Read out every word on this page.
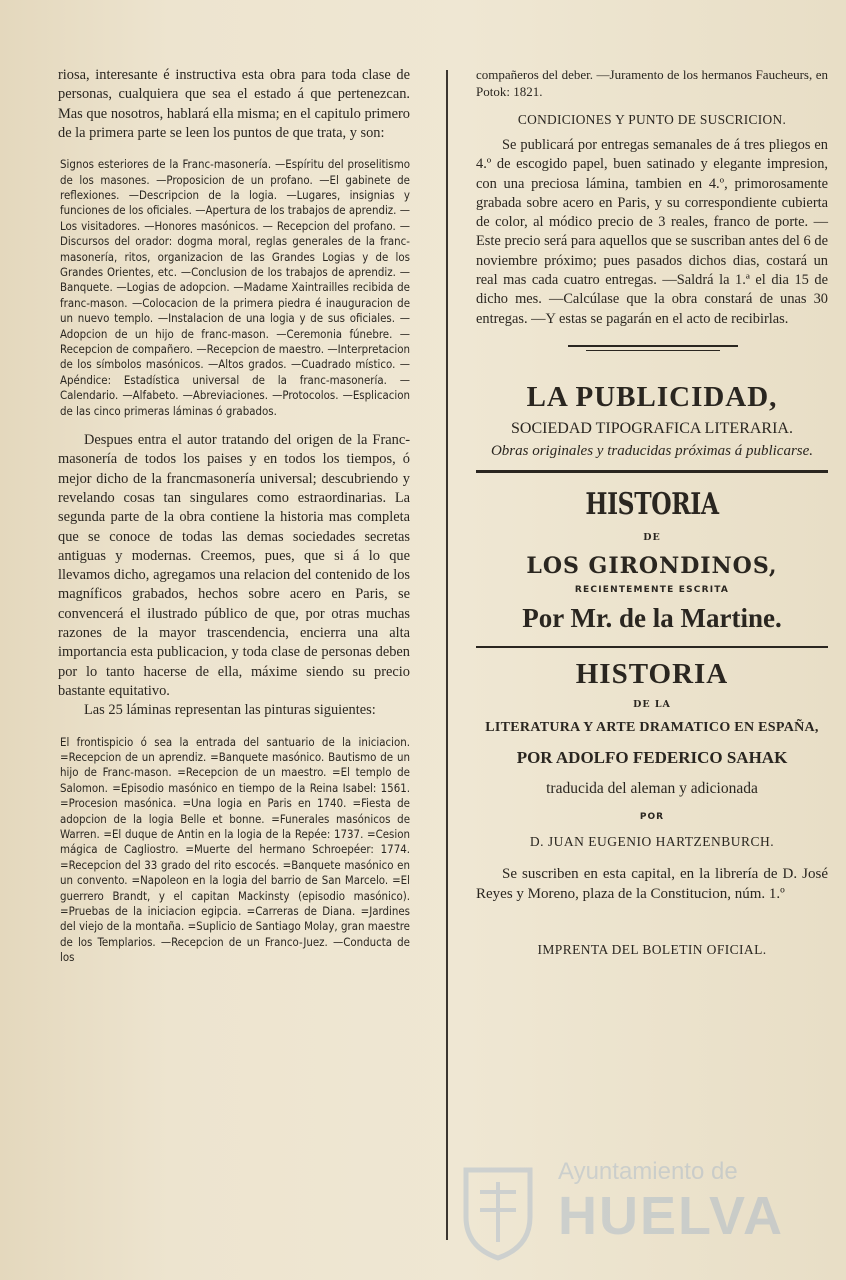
riosa, interesante é instructiva esta obra para toda clase de personas, cualquiera que sea el estado á que pertenezcan. Mas que nosotros, hablará ella misma; en el capitulo primero de la primera parte se leen los puntos de que trata, y son:

Signos esteriores de la Franc-masonería. —Espíritu del proselitismo de los masones. —Proposicion de un profano. —El gabinete de reflexiones. —Descripcion de la logia. —Lugares, insignias y funciones de los oficiales. —Apertura de los trabajos de aprendiz. —Los visitadores. —Honores masónicos. — Recepcion del profano. —Discursos del orador: dogma moral, reglas generales de la franc-masonería, ritos, organizacion de las Grandes Logias y de los Grandes Orientes, etc. —Conclusion de los trabajos de aprendiz. —Banquete. —Logias de adopcion. —Madame Xaintrailles recibida de franc-mason. —Colocacion de la primera piedra é inauguracion de un nuevo templo. —Instalacion de una logia y de sus oficiales. —Adopcion de un hijo de franc-mason. —Ceremonia fúnebre. —Recepcion de compañero. —Recepcion de maestro. —Interpretacion de los símbolos masónicos. —Altos grados. —Cuadrado místico. —Apéndice: Estadística universal de la franc-masonería. —Calendario. —Alfabeto. —Abreviaciones. —Protocolos. —Esplicacion de las cinco primeras láminas ó grabados.

Despues entra el autor tratando del origen de la Franc-masonería de todos los paises y en todos los tiempos, ó mejor dicho de la francmasonería universal; descubriendo y revelando cosas tan singulares como estraordinarias. La segunda parte de la obra contiene la historia mas completa que se conoce de todas las demas sociedades secretas antiguas y modernas. Creemos, pues, que si á lo que llevamos dicho, agregamos una relacion del contenido de los magníficos grabados, hechos sobre acero en Paris, se convencerá el ilustrado público de que, por otras muchas razones de la mayor trascendencia, encierra una alta importancia esta publicacion, y toda clase de personas deben por lo tanto hacerse de ella, máxime siendo su precio bastante equitativo.

Las 25 láminas representan las pinturas siguientes:

El frontispicio ó sea la entrada del santuario de la iniciacion. =Recepcion de un aprendiz. =Banquete masónico. Bautismo de un hijo de Franc-mason. =Recepcion de un maestro. =El templo de Salomon. =Episodio masónico en tiempo de la Reina Isabel: 1561. =Procesion masónica. =Una logia en Paris en 1740. =Fiesta de adopcion de la logia Belle et bonne. =Funerales masónicos de Warren. =El duque de Antin en la logia de la Repée: 1737. =Cesion mágica de Cagliostro. =Muerte del hermano Schroepéer: 1774. =Recepcion del 33 grado del rito escocés. =Banquete masónico en un convento. =Napoleon en la logia del barrio de San Marcelo. =El guerrero Brandt, y el capitan Mackinsty (episodio masónico). =Pruebas de la iniciacion egipcia. =Carreras de Diana. =Jardines del viejo de la montaña. =Suplicio de Santiago Molay, gran maestre de los Templarios. —Recepcion de un Franco-Juez. —Conducta de los

compañeros del deber. —Juramento de los hermanos Faucheurs, en Potok: 1821.

CONDICIONES Y PUNTO DE SUSCRICION.

Se publicará por entregas semanales de á tres pliegos en 4.º de escogido papel, buen satinado y elegante impresion, con una preciosa lámina, tambien en 4.º, primorosamente grabada sobre acero en Paris, y su correspondiente cubierta de color, al módico precio de 3 reales, franco de porte. —Este precio será para aquellos que se suscriban antes del 6 de noviembre próximo; pues pasados dichos dias, costará un real mas cada cuatro entregas. —Saldrá la 1.ª el dia 15 de dicho mes. —Calcúlase que la obra constará de unas 30 entregas. —Y estas se pagarán en el acto de recibirlas.

LA PUBLICIDAD,
SOCIEDAD TIPOGRAFICA LITERARIA.
Obras originales y traducidas próximas á publicarse.
HISTORIA
DE
LOS GIRONDINOS,
RECIENTEMENTE ESCRITA
Por Mr. de la Martine.
HISTORIA
DE LA
LITERATURA Y ARTE DRAMATICO EN ESPAÑA,
POR ADOLFO FEDERICO SAHAK
traducida del aleman y adicionada
POR
D. JUAN EUGENIO HARTZENBURCH.

Se suscriben en esta capital, en la librería de D. José Reyes y Moreno, plaza de la Constitucion, núm. 1.º

IMPRENTA DEL BOLETIN OFICIAL.
Ayuntamiento de
HUELVA
